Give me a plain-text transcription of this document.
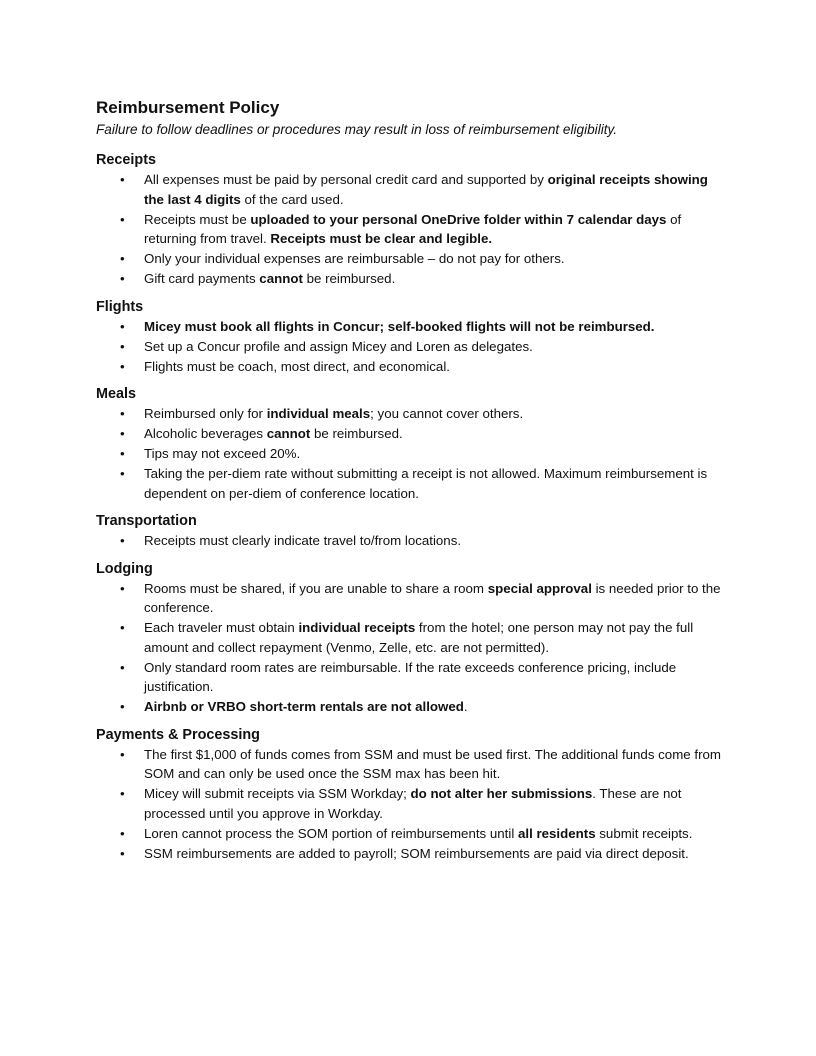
Reimbursement Policy

Failure to follow deadlines or procedures may result in loss of reimbursement eligibility.

Receipts
• All expenses must be paid by personal credit card and supported by original receipts showing the last 4 digits of the card used.
• Receipts must be uploaded to your personal OneDrive folder within 7 calendar days of returning from travel. Receipts must be clear and legible.
• Only your individual expenses are reimbursable – do not pay for others.
• Gift card payments cannot be reimbursed.
Flights
• Micey must book all flights in Concur; self-booked flights will not be reimbursed.
• Set up a Concur profile and assign Micey and Loren as delegates.
• Flights must be coach, most direct, and economical.
Meals
• Reimbursed only for individual meals; you cannot cover others.
• Alcoholic beverages cannot be reimbursed.
• Tips may not exceed 20%.
• Taking the per-diem rate without submitting a receipt is not allowed. Maximum reimbursement is dependent on per-diem of conference location.
Transportation
• Receipts must clearly indicate travel to/from locations.
Lodging
• Rooms must be shared, if you are unable to share a room special approval is needed prior to the conference.
• Each traveler must obtain individual receipts from the hotel; one person may not pay the full amount and collect repayment (Venmo, Zelle, etc. are not permitted).
• Only standard room rates are reimbursable. If the rate exceeds conference pricing, include justification.
• Airbnb or VRBO short-term rentals are not allowed.
Payments & Processing
• The first $1,000 of funds comes from SSM and must be used first. The additional funds come from SOM and can only be used once the SSM max has been hit.
• Micey will submit receipts via SSM Workday; do not alter her submissions. These are not processed until you approve in Workday.
• Loren cannot process the SOM portion of reimbursements until all residents submit receipts.
• SSM reimbursements are added to payroll; SOM reimbursements are paid via direct deposit.
